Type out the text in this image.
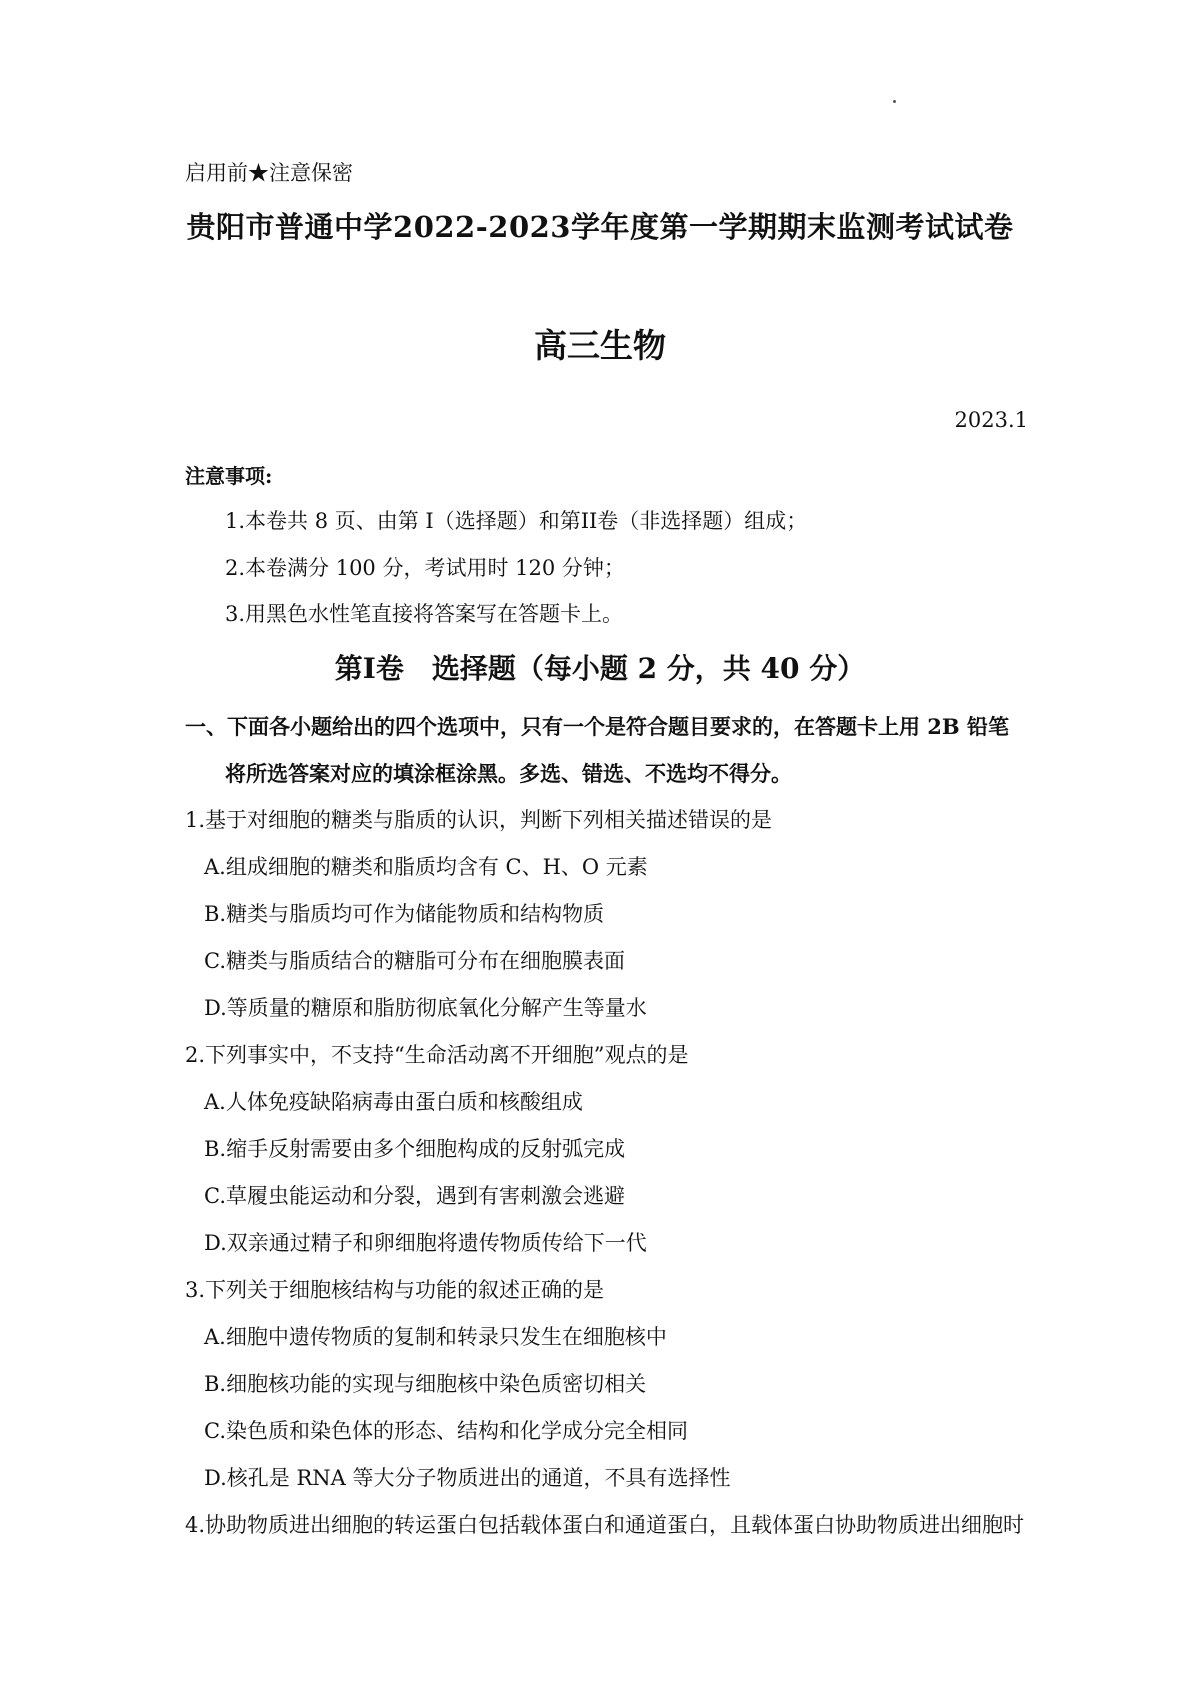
启用前★注意保密
贵阳市普通中学2022-2023学年度第一学期期末监测考试试卷
高三生物
2023.1
注意事项:
1.本卷共 8 页、由第 I（选择题）和第II卷（非选择题）组成；
2.本卷满分 100 分，考试用时 120 分钟；
3.用黑色水性笔直接将答案写在答题卡上。
第I卷　选择题（每小题 2 分，共 40 分）
一、下面各小题给出的四个选项中，只有一个是符合题目要求的，在答题卡上用 2B 铅笔
将所选答案对应的填涂框涂黑。多选、错选、不选均不得分。
1.基于对细胞的糖类与脂质的认识，判断下列相关描述错误的是
A.组成细胞的糖类和脂质均含有 C、H、O 元素
B.糖类与脂质均可作为储能物质和结构物质
C.糖类与脂质结合的糖脂可分布在细胞膜表面
D.等质量的糖原和脂肪彻底氧化分解产生等量水
2.下列事实中，不支持“生命活动离不开细胞”观点的是
A.人体免疫缺陷病毒由蛋白质和核酸组成
B.缩手反射需要由多个细胞构成的反射弧完成
C.草履虫能运动和分裂，遇到有害刺激会逃避
D.双亲通过精子和卵细胞将遗传物质传给下一代
3.下列关于细胞核结构与功能的叙述正确的是
A.细胞中遗传物质的复制和转录只发生在细胞核中
B.细胞核功能的实现与细胞核中染色质密切相关
C.染色质和染色体的形态、结构和化学成分完全相同
D.核孔是 RNA 等大分子物质进出的通道，不具有选择性
4.协助物质进出细胞的转运蛋白包括载体蛋白和通道蛋白，且载体蛋白协助物质进出细胞时
